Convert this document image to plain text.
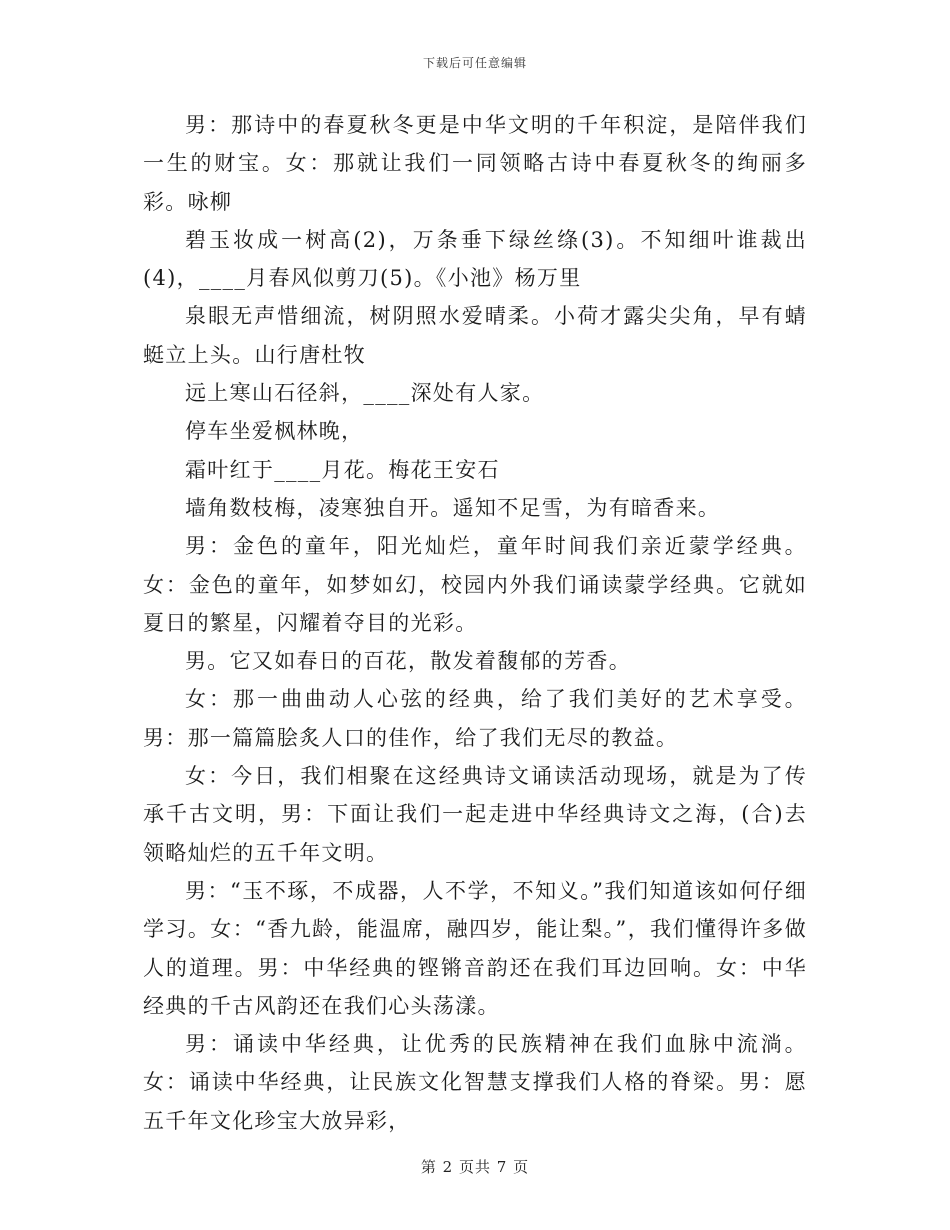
下载后可任意编辑

男：那诗中的春夏秋冬更是中华文明的千年积淀，是陪伴我们一生的财宝。女：那就让我们一同领略古诗中春夏秋冬的绚丽多彩。咏柳

碧玉妆成一树高(2)，万条垂下绿丝绦(3)。不知细叶谁裁出(4)，____月春风似剪刀(5)。《小池》杨万里

泉眼无声惜细流，树阴照水爱晴柔。小荷才露尖尖角，早有蜻蜓立上头。山行唐杜牧

远上寒山石径斜，____深处有人家。

停车坐爱枫林晚，

霜叶红于____月花。梅花王安石

墙角数枝梅，凌寒独自开。遥知不足雪，为有暗香来。

男：金色的童年，阳光灿烂，童年时间我们亲近蒙学经典。女：金色的童年，如梦如幻，校园内外我们诵读蒙学经典。它就如夏日的繁星，闪耀着夺目的光彩。

男。它又如春日的百花，散发着馥郁的芳香。

女：那一曲曲动人心弦的经典，给了我们美好的艺术享受。男：那一篇篇脍炙人口的佳作，给了我们无尽的教益。

女：今日，我们相聚在这经典诗文诵读活动现场，就是为了传承千古文明，男：下面让我们一起走进中华经典诗文之海，(合)去领略灿烂的五千年文明。

男：“玉不琢，不成器，人不学，不知义。”我们知道该如何仔细学习。女：“香九龄，能温席，融四岁，能让梨。”，我们懂得许多做人的道理。男：中华经典的铿锵音韵还在我们耳边回响。女：中华经典的千古风韵还在我们心头荡漾。

男：诵读中华经典，让优秀的民族精神在我们血脉中流淌。女：诵读中华经典，让民族文化智慧支撑我们人格的脊梁。男：愿五千年文化珍宝大放异彩，

第 2 页共 7 页
